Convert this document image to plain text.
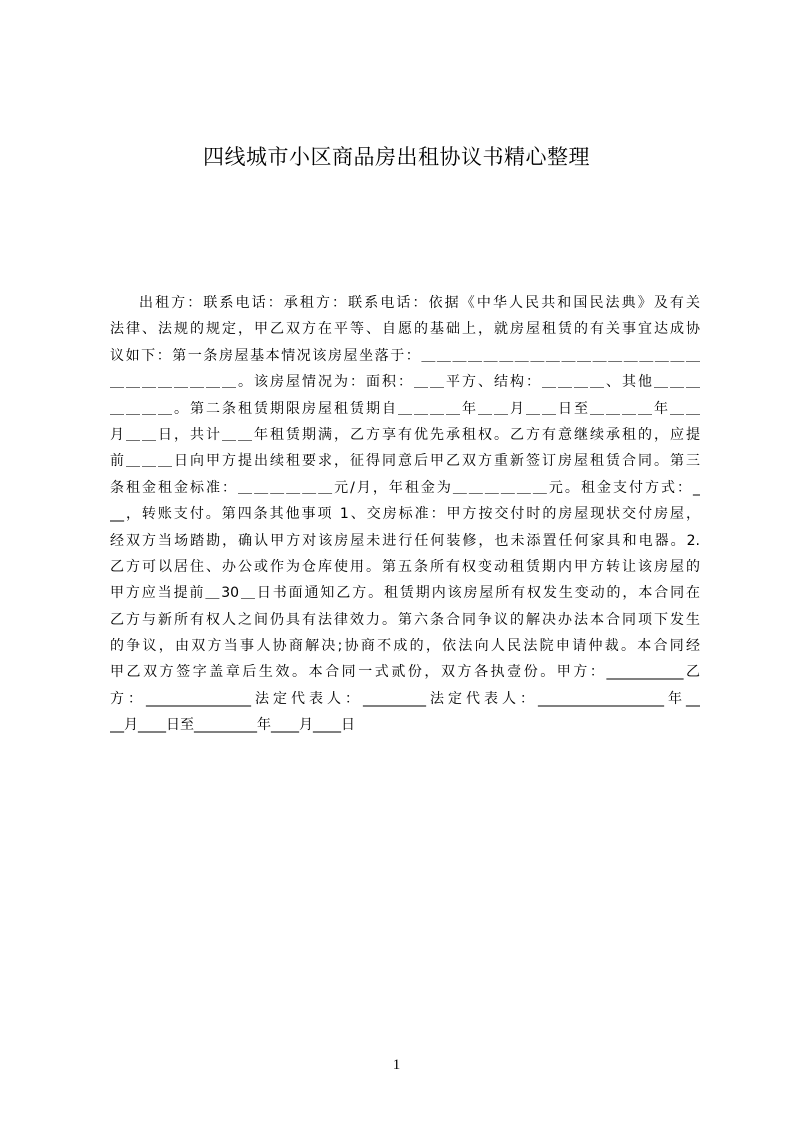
四线城市小区商品房出租协议书精心整理
出租方：联系电话：承租方：联系电话：依据《中华人民共和国民法典》及有关
法律、法规的规定，甲乙双方在平等、自愿的基础上，就房屋租赁的有关事宜达成协
议如下：第一条房屋基本情况该房屋坐落于：＿＿＿＿＿＿＿＿＿＿＿＿＿＿＿＿＿＿
＿＿＿＿＿＿＿＿。该房屋情况为：面积：＿＿平方、结构：＿＿＿＿、其他＿＿＿
＿＿＿＿。第二条租赁期限房屋租赁期自＿＿＿＿年＿＿月＿＿日至＿＿＿＿年＿＿
月＿＿日，共计＿＿年租赁期满，乙方享有优先承租权。乙方有意继续承租的，应提
前＿＿＿日向甲方提出续租要求，征得同意后甲乙双方重新签订房屋租赁合同。第三
条租金租金标准：＿＿＿＿＿＿元/月，年租金为＿＿＿＿＿＿元。租金支付方式：_
__，转账支付。第四条其他事项 1、交房标准：甲方按交付时的房屋现状交付房屋，
经双方当场踏勘，确认甲方对该房屋未进行任何装修，也未添置任何家具和电器。2.
乙方可以居住、办公或作为仓库使用。第五条所有权变动租赁期内甲方转让该房屋的
甲方应当提前＿30＿日书面通知乙方。租赁期内该房屋所有权发生变动的，本合同在
乙方与新所有权人之间仍具有法律效力。第六条合同争议的解决办法本合同项下发生
的争议，由双方当事人协商解决;协商不成的，依法向人民法院申请仲裁。本合同经
甲乙双方签字盖章后生效。本合同一式贰份，双方各执壹份。甲方：___________乙
方：_______________法定代表人：_________法定代表人：__________________年__
__月____日至_________年____月____日
1
